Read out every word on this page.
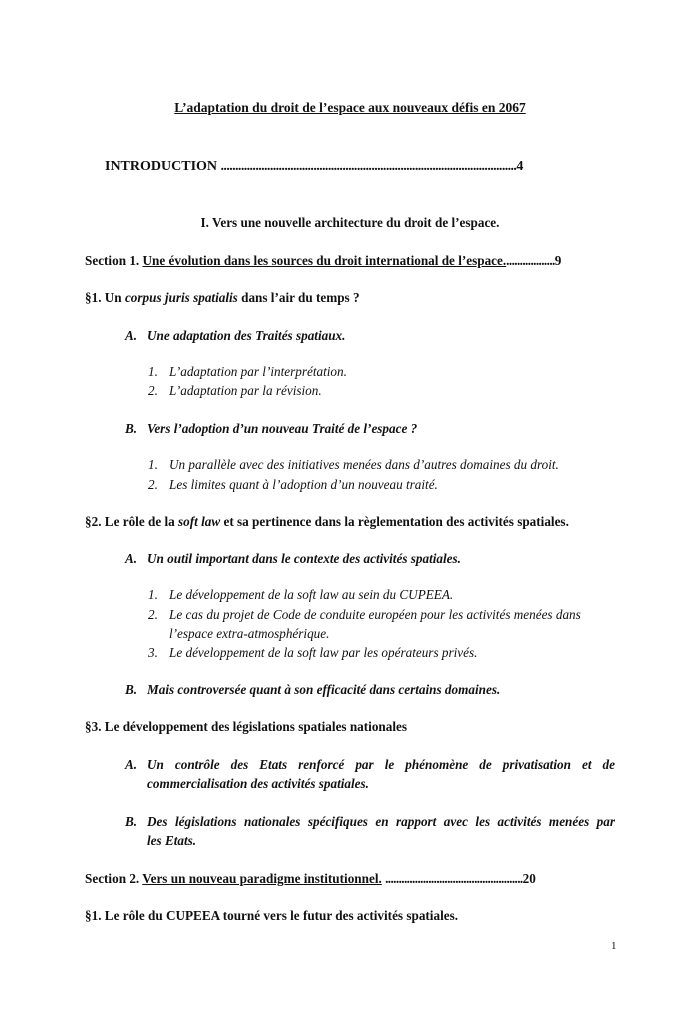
L’adaptation du droit de l’espace aux nouveaux défis en 2067
INTRODUCTION ......................................................................................................4
I. Vers une nouvelle architecture du droit de l’espace.
Section 1. Une évolution dans les sources du droit international de l’espace...................9
§1. Un corpus juris spatialis dans l’air du temps ?
A. Une adaptation des Traités spatiaux.
1. L’adaptation par l’interprétation.
2. L’adaptation par la révision.
B. Vers l’adoption d’un nouveau Traité de l’espace ?
1. Un parallèle avec des initiatives menées dans d’autres domaines du droit.
2. Les limites quant à l’adoption d’un nouveau traité.
§2. Le rôle de la soft law et sa pertinence dans la règlementation des activités spatiales.
A. Un outil important dans le contexte des activités spatiales.
1. Le développement de la soft law au sein du CUPEEA.
2. Le cas du projet de Code de conduite européen pour les activités menées dans
l’espace extra-atmosphérique.
3. Le développement de la soft law par les opérateurs privés.
B. Mais controversée quant à son efficacité dans certains domaines.
§3. Le développement des législations spatiales nationales
A. Un contrôle des Etats renforcé par le phénomène de privatisation et de
commercialisation des activités spatiales.
B. Des législations nationales spécifiques en rapport avec les activités menées par
les Etats.
Section 2. Vers un nouveau paradigme institutionnel. ...................................................20
§1. Le rôle du CUPEEA tourné vers le futur des activités spatiales.
1
